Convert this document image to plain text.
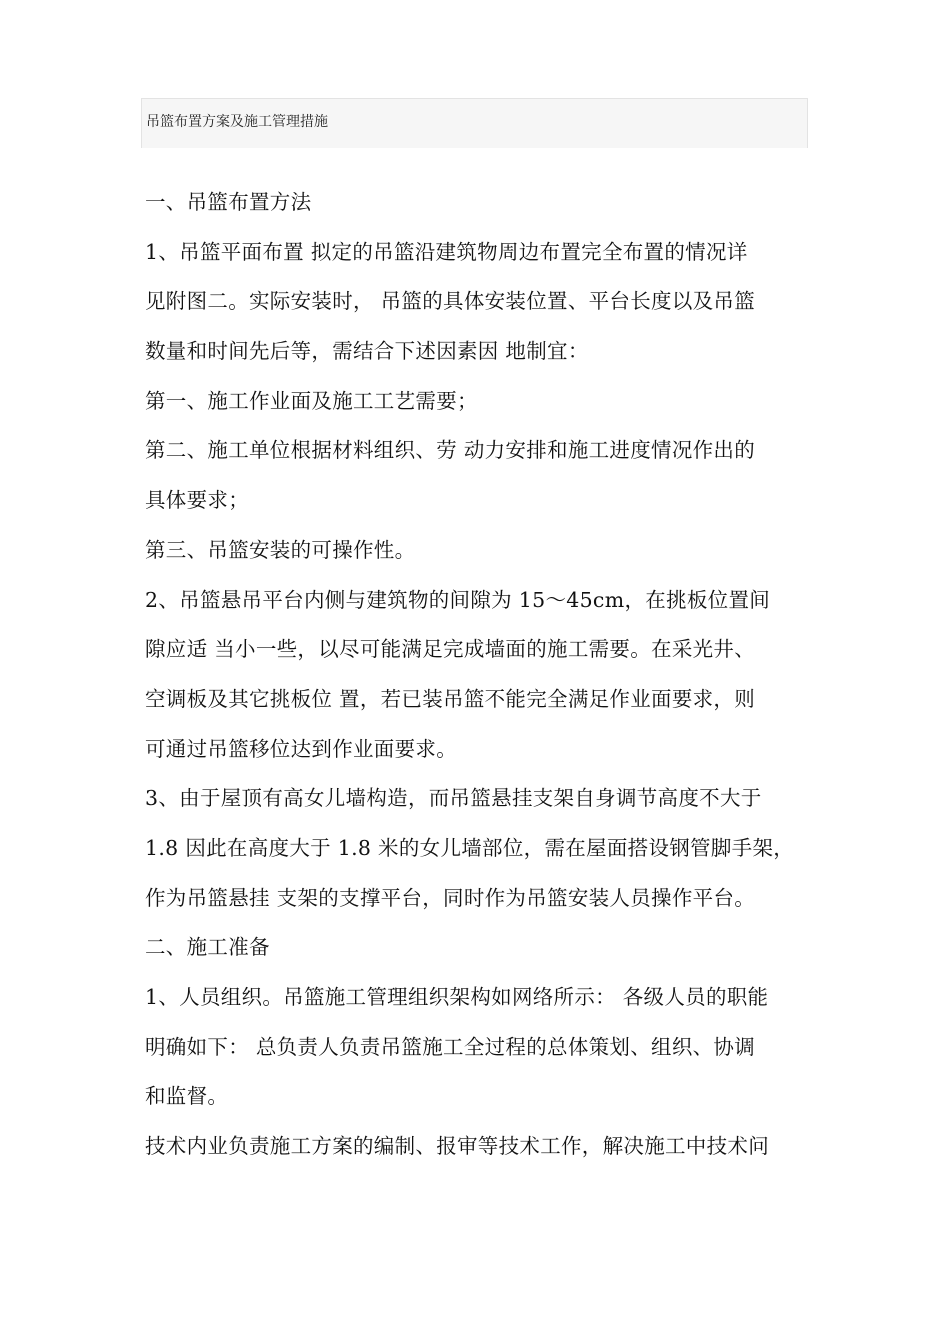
吊篮布置方案及施工管理措施
一、吊篮布置方法
1、吊篮平面布置 拟定的吊篮沿建筑物周边布置完全布置的情况详
见附图二。实际安装时， 吊篮的具体安装位置、平台长度以及吊篮
数量和时间先后等，需结合下述因素因 地制宜：
第一、施工作业面及施工工艺需要；
第二、施工单位根据材料组织、劳 动力安排和施工进度情况作出的
具体要求；
第三、吊篮安装的可操作性。
2、吊篮悬吊平台内侧与建筑物的间隙为 15～45cm，在挑板位置间
隙应适 当小一些，以尽可能满足完成墙面的施工需要。在采光井、
空调板及其它挑板位 置，若已装吊篮不能完全满足作业面要求，则
可通过吊篮移位达到作业面要求。
3、由于屋顶有高女儿墙构造，而吊篮悬挂支架自身调节高度不大于
1.8 因此在高度大于 1.8 米的女儿墙部位，需在屋面搭设钢管脚手架，
作为吊篮悬挂 支架的支撑平台，同时作为吊篮安装人员操作平台。
二、施工准备
1、人员组织。吊篮施工管理组织架构如网络所示： 各级人员的职能
明确如下： 总负责人负责吊篮施工全过程的总体策划、组织、协调
和监督。
技术内业负责施工方案的编制、报审等技术工作，解决施工中技术问
